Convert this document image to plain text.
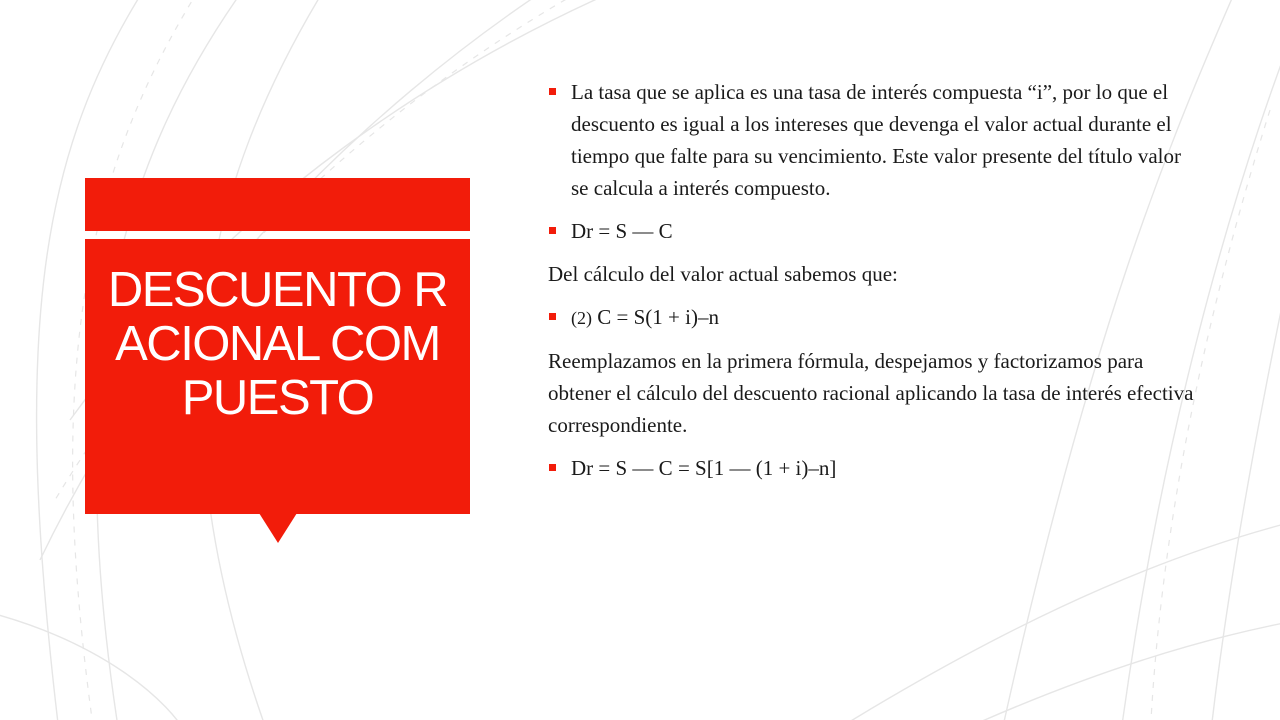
DESCUENTO RACIONAL COMPUESTO
La tasa que se aplica es una tasa de interés compuesta “i”, por lo que el descuento es igual a los intereses que devenga el valor actual durante el tiempo que falte para su vencimiento. Este valor presente del título valor se calcula a interés compuesto.
Dr = S — C
Del cálculo del valor actual sabemos que:
(2) C = S(1 + i)–n
Reemplazamos en la primera fórmula, despejamos y factorizamos para obtener el cálculo del descuento racional aplicando la tasa de interés efectiva correspondiente.
Dr = S — C = S[1 — (1 + i)–n]
